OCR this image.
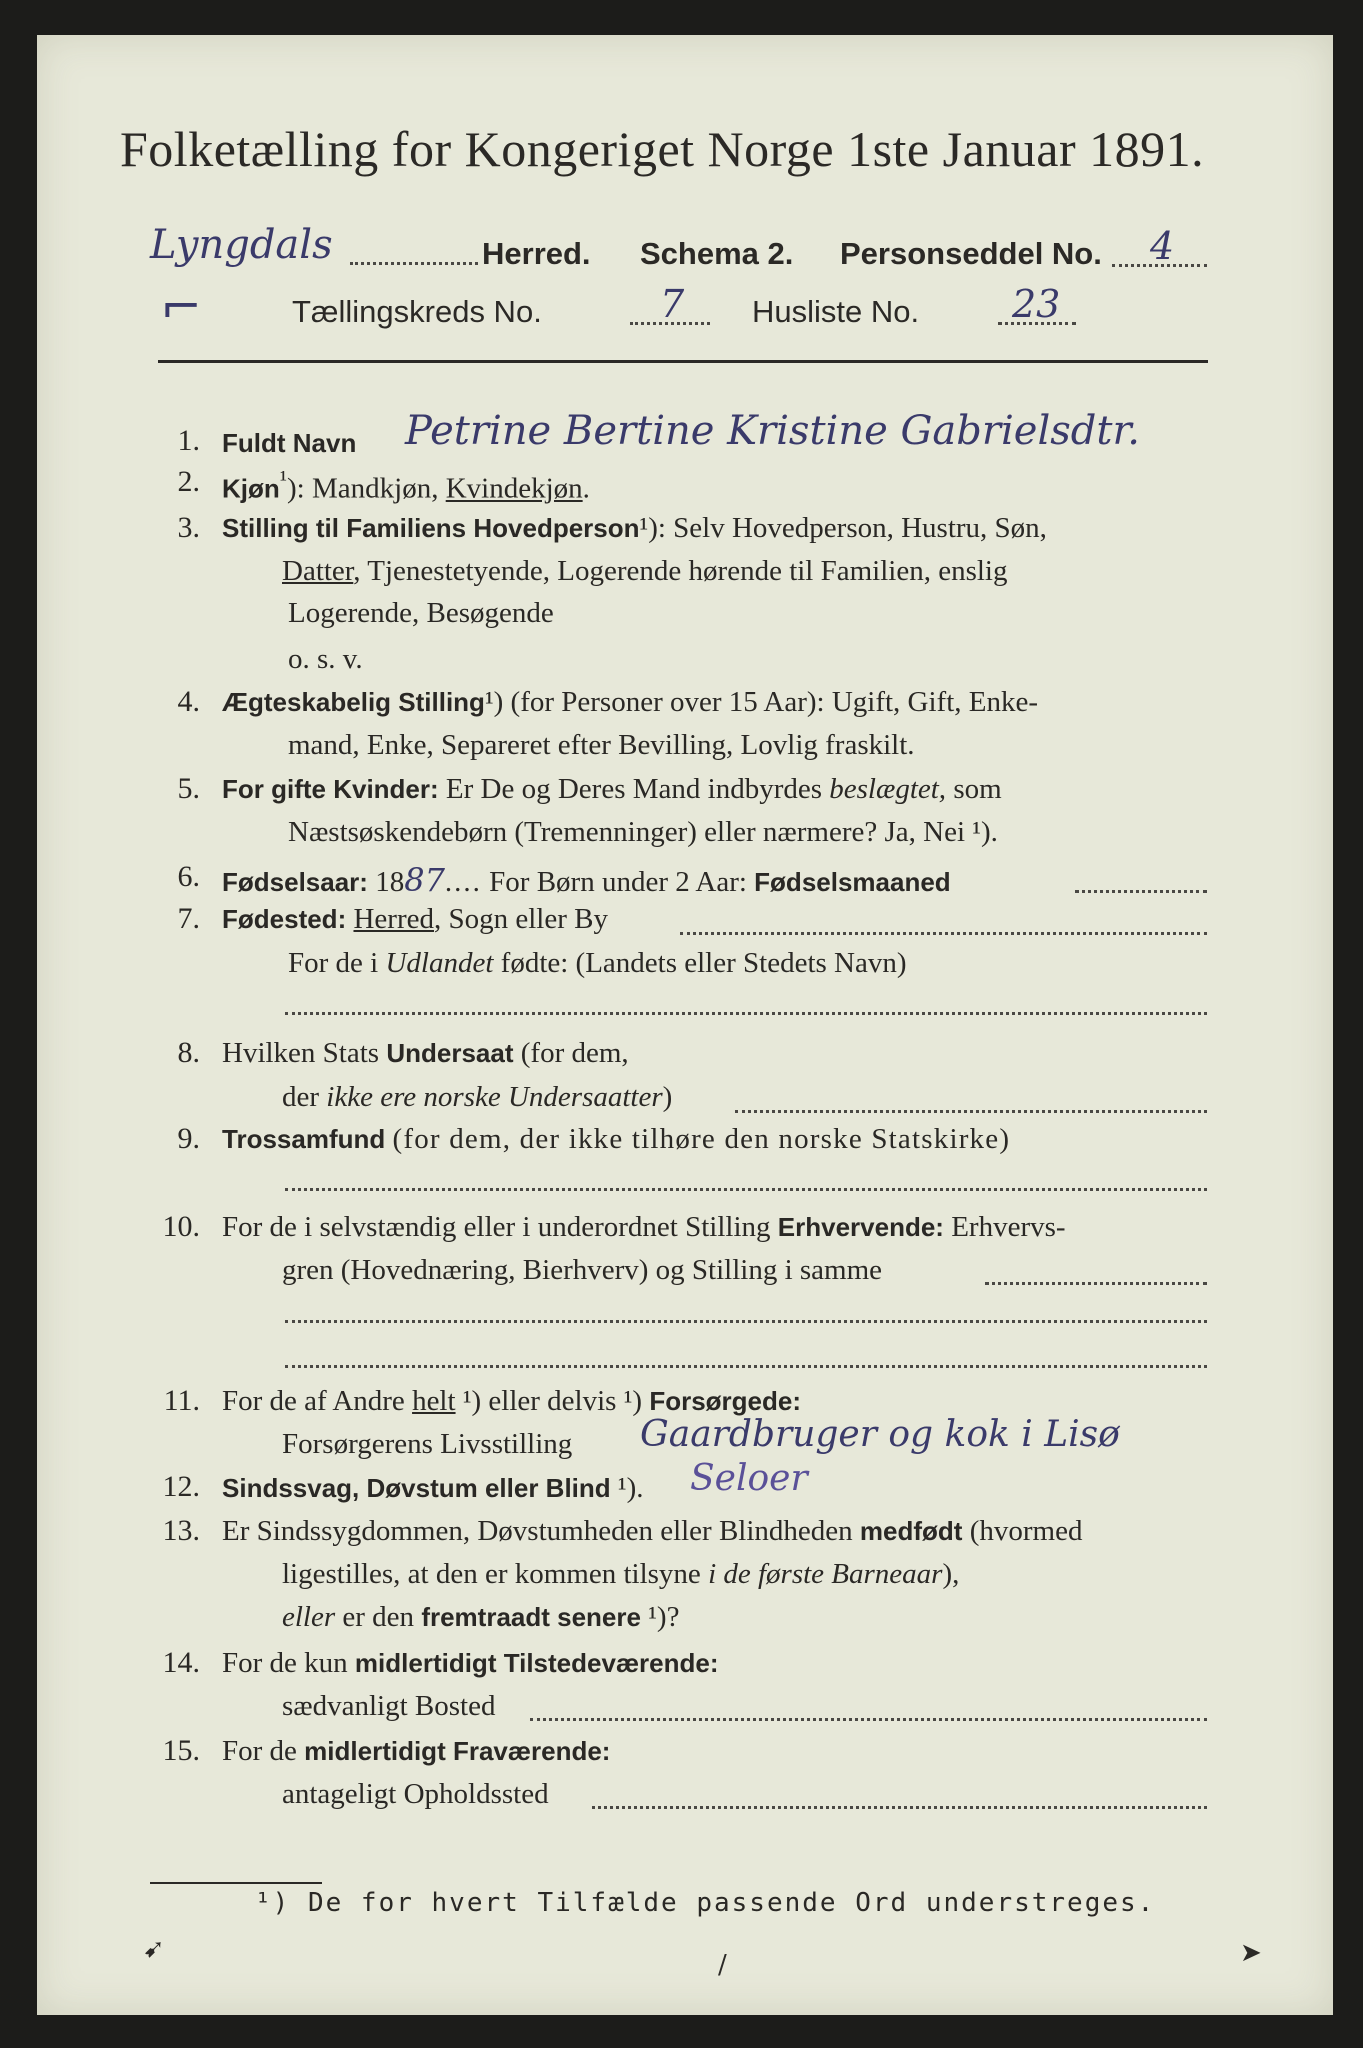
Folketælling for Kongeriget Norge 1ste Januar 1891.
Lyngdals	Herred. Schema 2. Personseddel No. 4
⌐	Tællingskreds No.	7 Husliste No. 23
1. Fuldt Navn Petrine Bertine Kristine Gabrielsdtr.
2. Kjøn$^{^1}$): Mandkjøn, Kvindekjøn.
3. Stilling til Familiens Hovedperson¹): Selv Hovedperson, Hustru, Søn,
Datter, Tjenestetyende, Logerende hørende til Familien, enslig
Logerende, Besøgende
o. s. v.
4. Ægteskabelig Stilling¹) (for Personer over 15 Aar): Ugift, Gift, Enke-
mand, Enke, Separeret efter Bevilling, Lovlig fraskilt.
5. For gifte Kvinder: Er De og Deres Mand indbyrdes beslægtet, som
Næstsøskendebørn (Tremenninger) eller nærmere? Ja, Nei ¹).
6. Fødselsaar: 1887.... For Børn under 2 Aar: Fødselsmaaned
7. Fødested: Herred, Sogn eller By
For de i Udlandet fødte: (Landets eller Stedets Navn)
8. Hvilken Stats Undersaat (for dem,
der ikke ere norske Undersaatter)
9. Trossamfund (for dem, der ikke tilhøre den norske Statskirke)
10. For de i selvstændig eller i underordnet Stilling Erhvervende: Erhvervs-
gren (Hovednæring, Bierhverv) og Stilling i samme
11. For de af Andre helt ¹) eller delvis ¹) Forsørgede:
Forsørgerens Livsstilling Gaardbruger og kok i Lisø
12. Sindssvag, Døvstum eller Blind ¹). Seloer
13. Er Sindssygdommen, Døvstumheden eller Blindheden medfødt (hvormed
ligestilles, at den er kommen tilsyne i de første Barneaar),
eller er den fremtraadt senere ¹)?
14. For de kun midlertidigt Tilstedeværende:
sædvanligt Bosted
15. For de midlertidigt Fraværende:
antageligt Opholdssted
¹) De for hvert Tilfælde passende Ord understreges.
➹	➤
/
